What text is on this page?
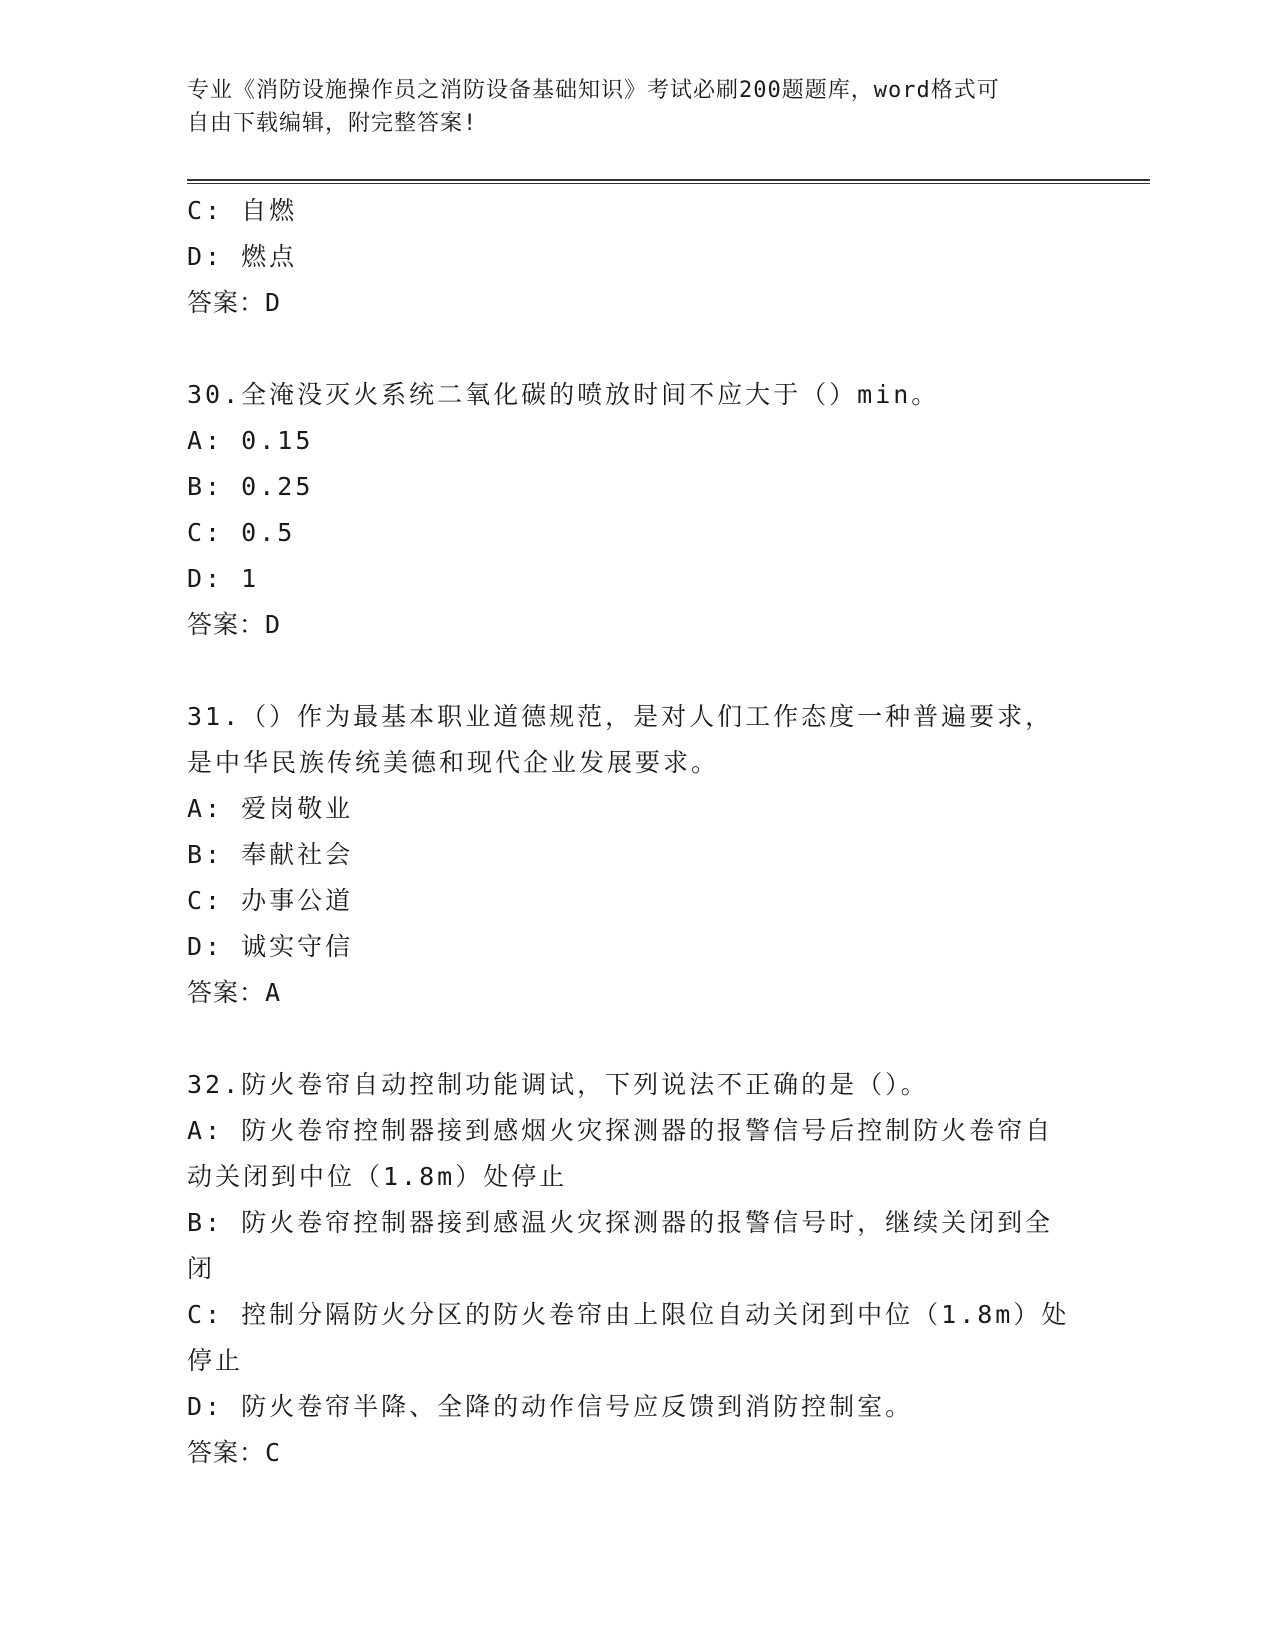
专业《消防设施操作员之消防设备基础知识》考试必刷200题题库，word格式可
自由下载编辑，附完整答案!
C: 自燃
D: 燃点
答案：D
30.全淹没灭火系统二氧化碳的喷放时间不应大于（）min。
A: 0.15
B: 0.25
C: 0.5
D: 1
答案：D
31.（）作为最基本职业道德规范，是对人们工作态度一种普遍要求，
是中华民族传统美德和现代企业发展要求。
A: 爱岗敬业
B: 奉献社会
C: 办事公道
D: 诚实守信
答案：A
32.防火卷帘自动控制功能调试，下列说法不正确的是（）。
A: 防火卷帘控制器接到感烟火灾探测器的报警信号后控制防火卷帘自
动关闭到中位（1.8m）处停止
B: 防火卷帘控制器接到感温火灾探测器的报警信号时，继续关闭到全
闭
C: 控制分隔防火分区的防火卷帘由上限位自动关闭到中位（1.8m）处
停止
D: 防火卷帘半降、全降的动作信号应反馈到消防控制室。
答案：C
